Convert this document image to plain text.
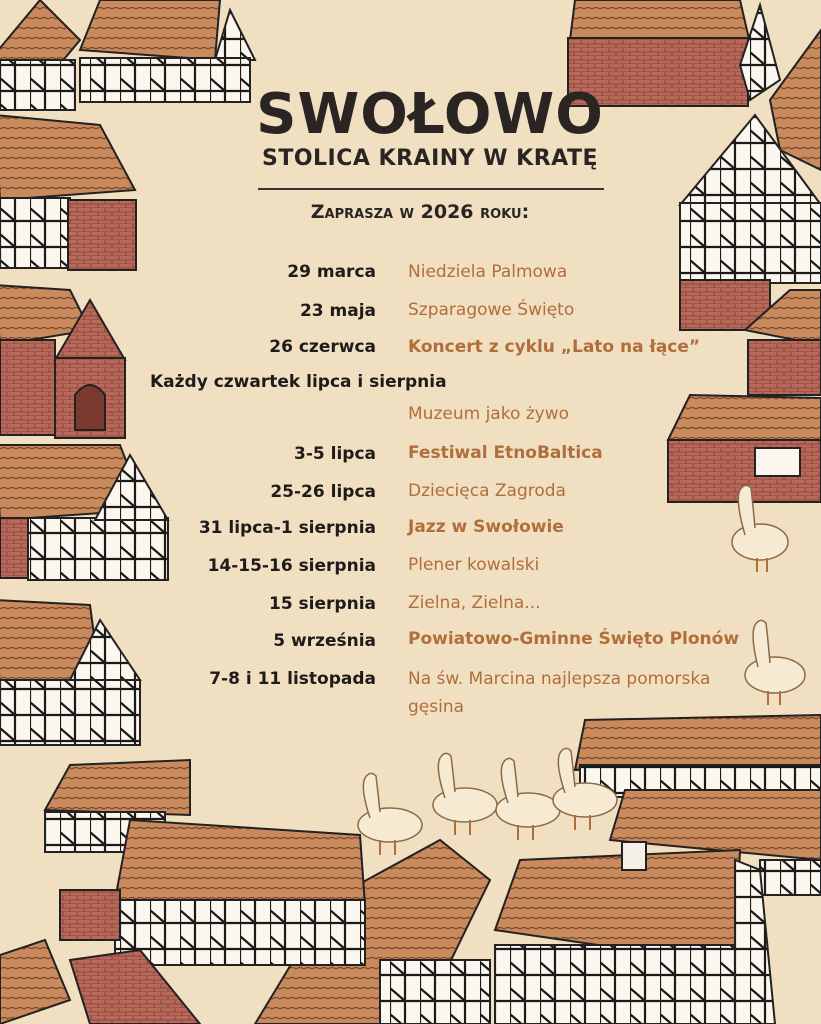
SWOŁOWO
STOLICA KRAINY W KRATĘ
Zaprasza w 2026 roku:
29 marca Niedziela Palmowa
23 maja Szparagowe Święto
26 czerwca Koncert z cyklu „Lato na łące”
Każdy czwartek lipca i sierpnia
Muzeum jako żywo
3-5 lipca Festiwal EtnoBaltica
25-26 lipca Dziecięca Zagroda
31 lipca-1 sierpnia Jazz w Swołowie
14-15-16 sierpnia Plener kowalski
15 sierpnia Zielna, Zielna...
5 września Powiatowo-Gminne Święto Plonów
7-8 i 11 listopada Na św. Marcina najlepsza pomorska
gęsina
